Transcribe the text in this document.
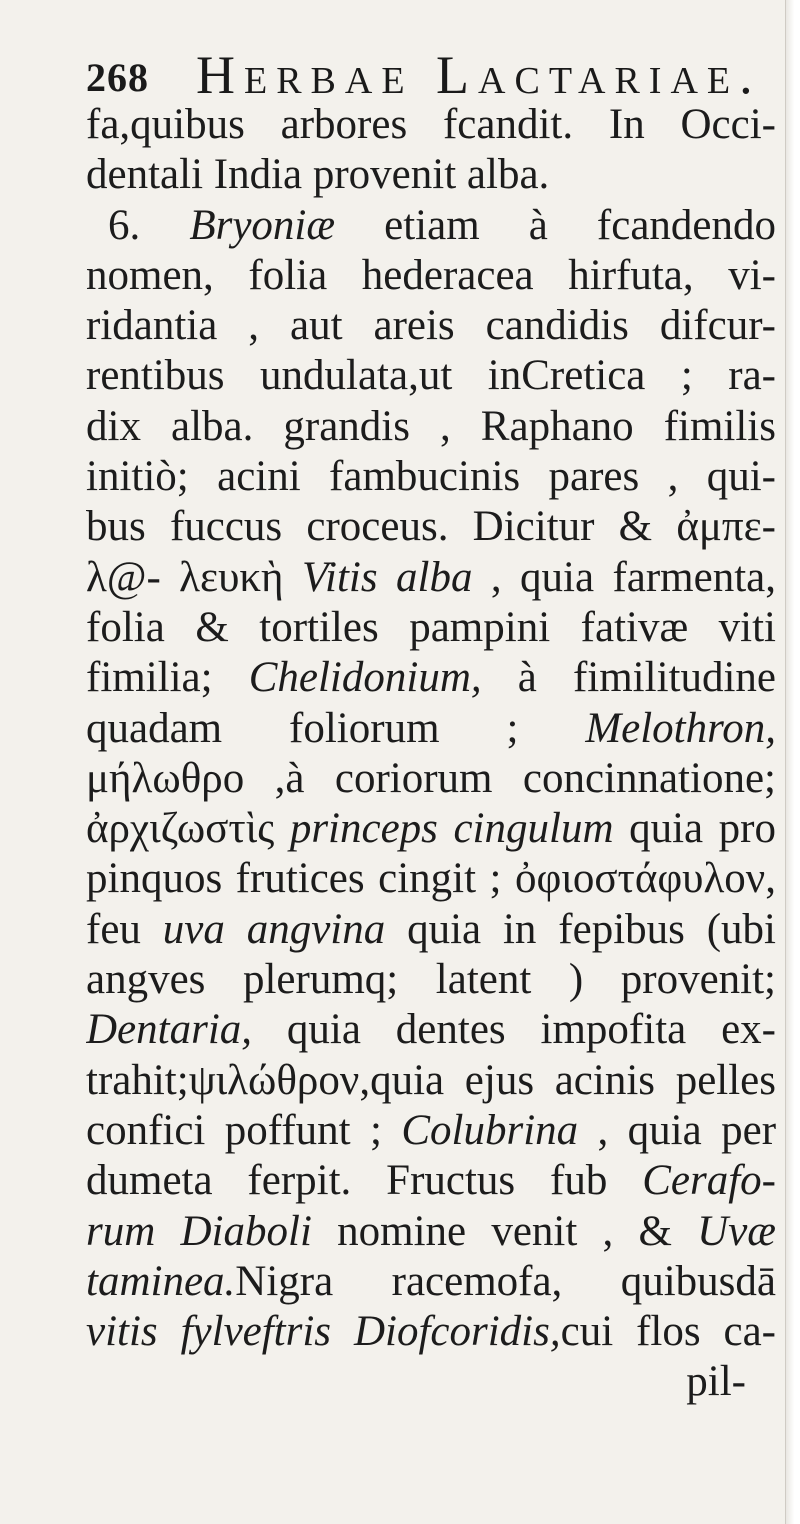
268 Herbae Lactariae.
fa,quibus arbores fcandit. In Occi-
dentali India provenit alba.
6. Bryoniæ etiam à fcandendo
nomen, folia hederacea hirfuta, vi-
ridantia , aut areis candidis difcur-
rentibus undulata,ut inCretica ; ra-
dix alba. grandis , Raphano fimilis
initiò; acini fambucinis pares , qui-
bus fuccus croceus. Dicitur & ἀμπε-
λ@- λευκὴ Vitis alba , quia farmenta,
folia & tortiles pampini fativæ viti
fimilia; Chelidonium, à fimilitudine
quadam foliorum ; Melothron,
μήλωθρο ,à coriorum concinnatione;
ἀρχιζωστὶς princeps cingulum quia pro
pinquos frutices cingit ; ὀφιοστάφυλον,
feu uva angvina quia in fepibus (ubi
angves plerumq; latent ) provenit;
Dentaria, quia dentes impofita ex-
trahit;ψιλώθρον,quia ejus acinis pelles
confici poffunt ; Colubrina , quia per
dumeta ferpit. Fructus fub Cerafo-
rum Diaboli nomine venit , & Uvæ
taminea.Nigra racemofa, quibusdā
vitis fylveftris Diofcoridis,cui flos ca-
pil-
